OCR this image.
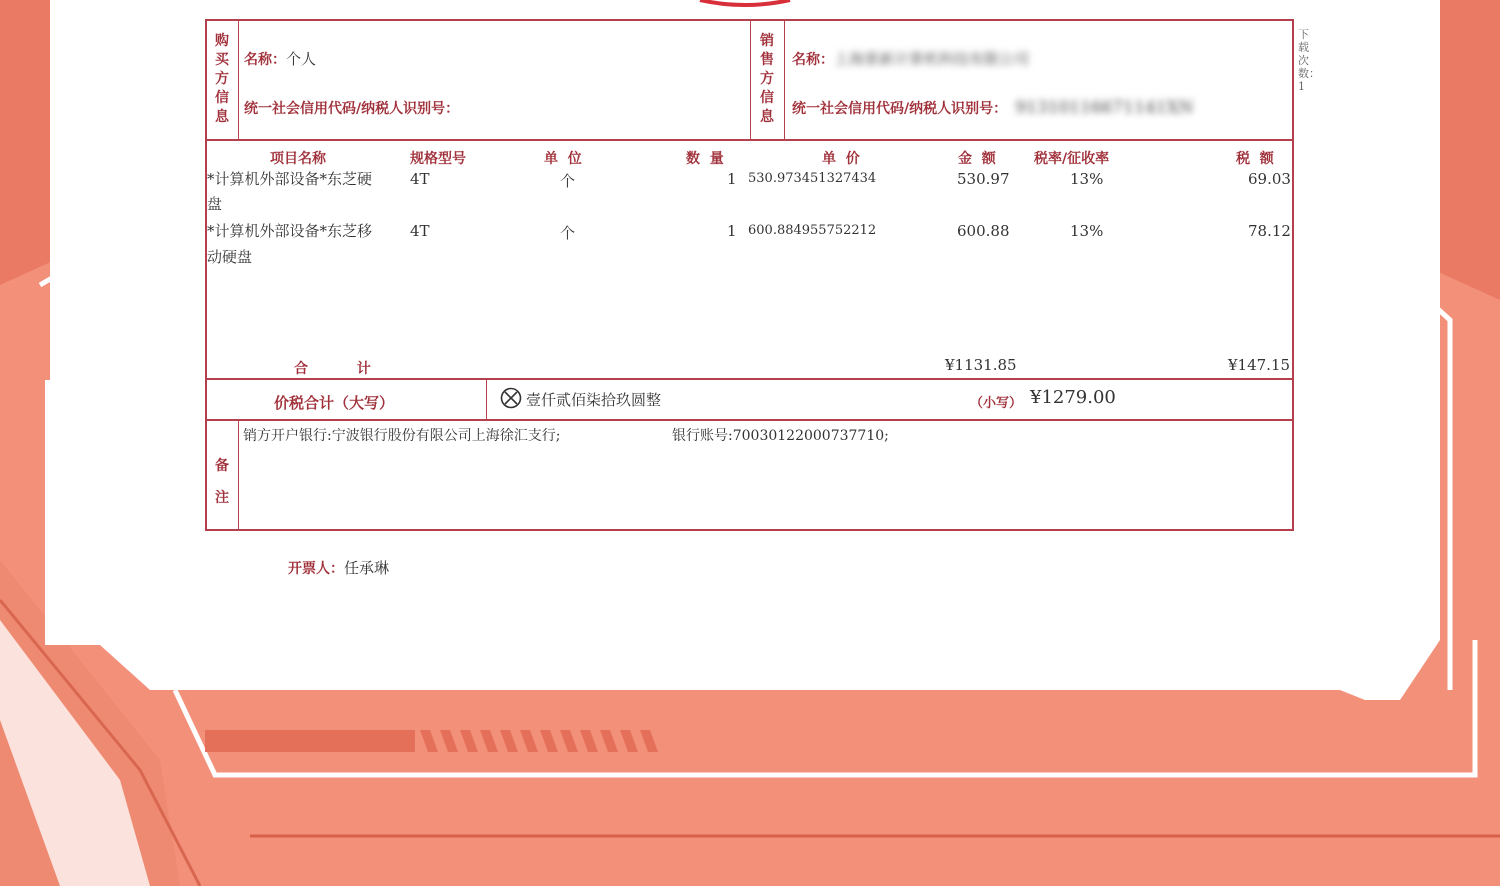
下载次数：1
购买方信息
名称：个人
统一社会信用代码/纳税人识别号：
销售方信息
名称：上海景新计算机科技有限公司
统一社会信用代码/纳税人识别号： 91310116671141XN
项目名称	规格型号	单  位	数  量	单  价	金  额	税率/征收率	税  额
*计算机外部设备*东芝硬
盘
4T	个	1 530.973451327434	530.97	13%	69.03
*计算机外部设备*东芝移
动硬盘
4T	个	1 600.884955752212	600.88	13%	78.12
合          计	¥1131.85	¥147.15
价税合计（大写）	壹仟贰佰柒拾玖圆整	（小写） ¥1279.00
备注
销方开户银行:宁波银行股份有限公司上海徐汇支行;	银行账号:70030122000737710;
开票人：任承琳
